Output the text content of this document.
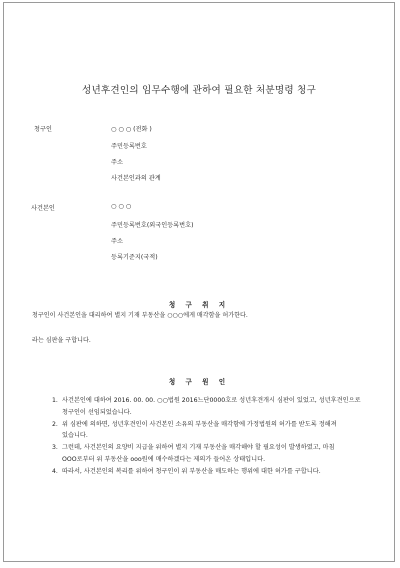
성년후견인의 임무수행에 관하여 필요한 처분명령 청구
청구인	○ ○ ○ (전화 )
주민등록번호
주소
사건본인과의 관계
사건본인	○ ○ ○
주민등록번호(외국인등록번호)
주소
등록기준지(국적)
청 구 취 지
청구인이 사건본인을 대리하여 별지 기재 부동산을 ○○○에게 매각함을 허가한다.
라는 심판을 구합니다.
청 구 원 인
1. 사건본인에 대하여 2016. 00. 00. ○○법원 2016느단0000호로 성년후견개시 심판이 있었고, 성년후견인으로 청구인이 선임되었습니다.
2. 위 심판에 의하면, 성년후견인이 사건본인 소유의 부동산을 매각함에 가정법원의 허가를 받도록 정해져 있습니다.
3. 그런데, 사건본인의 요양비 지급을 위하여 별지 기재 부동산을 매각해야 할 필요성이 발생하였고, 마침 OOO로부터 위 부동산을 ooo원에 매수하겠다는 제의가 들어온 상태입니다.
4. 따라서, 사건본인의 복리를 위하여 청구인이 위 부동산을 매도하는 행위에 대한 허가를 구합니다.
